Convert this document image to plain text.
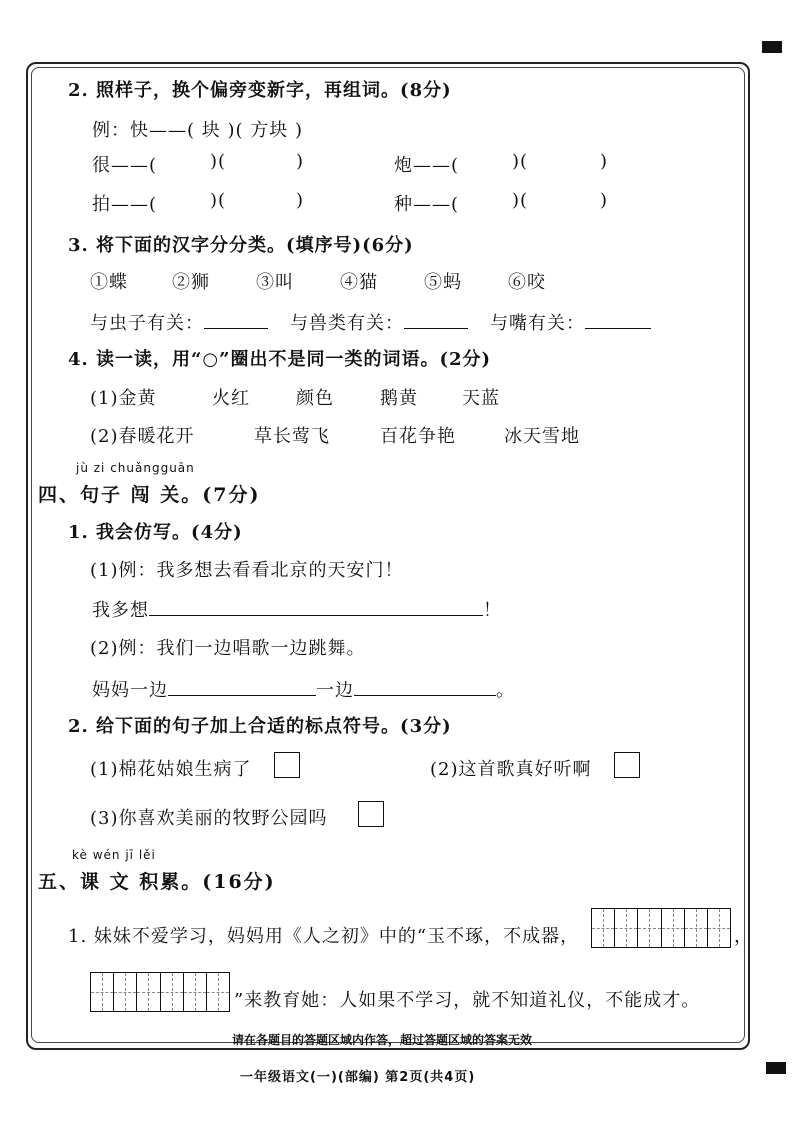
2. 照样子，换个偏旁变新字，再组词。(8分)
例：快——( 块 )( 方块 )
很——(	)(	)	炮——(	)(	)
拍——(	)(	)	种——(	)(	)
3. 将下面的汉字分分类。(填序号)(6分)
①蝶 ②狮	③叫	④猫	⑤蚂	⑥咬
与虫子有关：	与兽类有关：	与嘴有关：
4. 读一读，用“○”圈出不是同一类的词语。(2分)
(1)金黄	火红	颜色	鹅黄 天蓝
(2)春暖花开	草长莺飞	百花争艳	冰天雪地
jù zi chuǎngguān
四、句子 闯 关。(7分)
1. 我会仿写。(4分)
(1)例：我多想去看看北京的天安门！
我多想	！
(2)例：我们一边唱歌一边跳舞。
妈妈一边	一边	。
2. 给下面的句子加上合适的标点符号。(3分)
(1)棉花姑娘生病了	(2)这首歌真好听啊
(3)你喜欢美丽的牧野公园吗
kè wén jī lěi
五、课 文 积累。(16分)
1. 妹妹不爱学习，妈妈用《人之初》中的“玉不琢，不成器，	，
”来教育她：人如果不学习，就不知道礼仪，不能成才。
请在各题目的答题区域内作答，超过答题区域的答案无效
一年级语文(一)(部编) 第2页(共4页)
